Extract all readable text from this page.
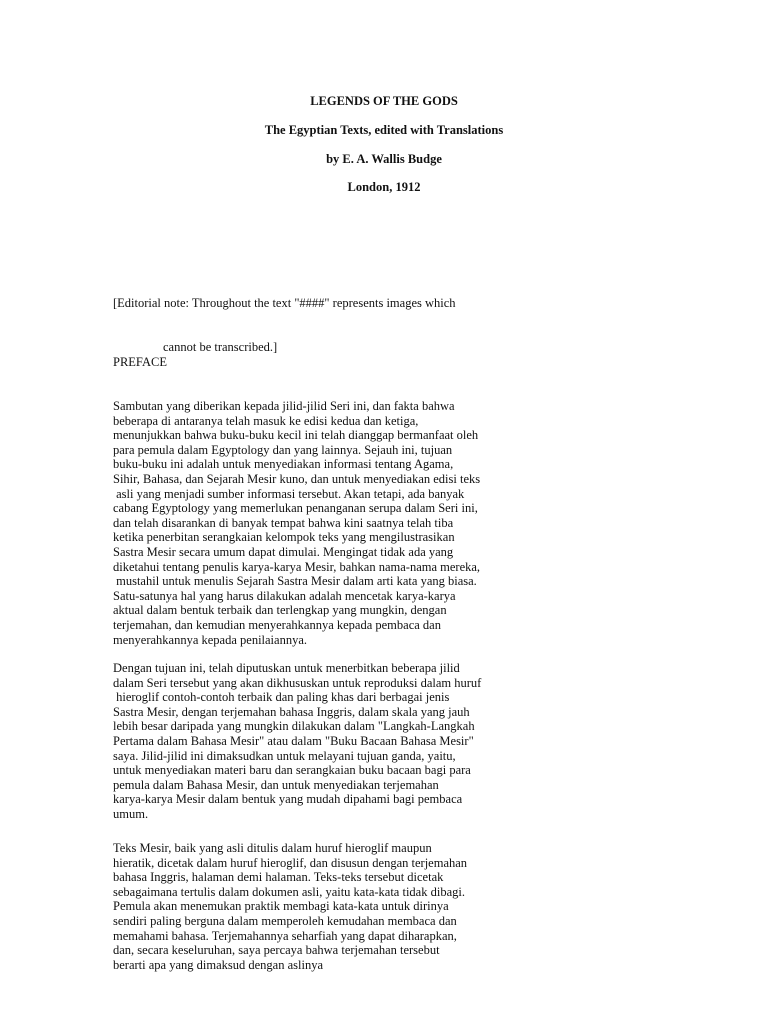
LEGENDS OF THE GODS
The Egyptian Texts, edited with Translations
by E. A. Wallis Budge
London, 1912

[Editorial note: Throughout the text "####" represents images which

cannot be transcribed.]

PREFACE
Sambutan yang diberikan kepada jilid-jilid Seri ini, dan fakta bahwa
beberapa di antaranya telah masuk ke edisi kedua dan ketiga,
menunjukkan bahwa buku-buku kecil ini telah dianggap bermanfaat oleh
para pemula dalam Egyptology dan yang lainnya. Sejauh ini, tujuan
buku-buku ini adalah untuk menyediakan informasi tentang Agama,
Sihir, Bahasa, dan Sejarah Mesir kuno, dan untuk menyediakan edisi teks
asli yang menjadi sumber informasi tersebut. Akan tetapi, ada banyak
cabang Egyptology yang memerlukan penanganan serupa dalam Seri ini,
dan telah disarankan di banyak tempat bahwa kini saatnya telah tiba
ketika penerbitan serangkaian kelompok teks yang mengilustrasikan
Sastra Mesir secara umum dapat dimulai. Mengingat tidak ada yang
diketahui tentang penulis karya-karya Mesir, bahkan nama-nama mereka,
mustahil untuk menulis Sejarah Sastra Mesir dalam arti kata yang biasa.
Satu-satunya hal yang harus dilakukan adalah mencetak karya-karya
aktual dalam bentuk terbaik dan terlengkap yang mungkin, dengan
terjemahan, dan kemudian menyerahkannya kepada pembaca dan
menyerahkannya kepada penilaiannya.
Dengan tujuan ini, telah diputuskan untuk menerbitkan beberapa jilid
dalam Seri tersebut yang akan dikhususkan untuk reproduksi dalam huruf
hieroglif contoh-contoh terbaik dan paling khas dari berbagai jenis
Sastra Mesir, dengan terjemahan bahasa Inggris, dalam skala yang jauh
lebih besar daripada yang mungkin dilakukan dalam "Langkah-Langkah
Pertama dalam Bahasa Mesir" atau dalam "Buku Bacaan Bahasa Mesir"
saya. Jilid-jilid ini dimaksudkan untuk melayani tujuan ganda, yaitu,
untuk menyediakan materi baru dan serangkaian buku bacaan bagi para
pemula dalam Bahasa Mesir, dan untuk menyediakan terjemahan
karya-karya Mesir dalam bentuk yang mudah dipahami bagi pembaca
umum.
Teks Mesir, baik yang asli ditulis dalam huruf hieroglif maupun
hieratik, dicetak dalam huruf hieroglif, dan disusun dengan terjemahan
bahasa Inggris, halaman demi halaman. Teks-teks tersebut dicetak
sebagaimana tertulis dalam dokumen asli, yaitu kata-kata tidak dibagi.
Pemula akan menemukan praktik membagi kata-kata untuk dirinya
sendiri paling berguna dalam memperoleh kemudahan membaca dan
memahami bahasa. Terjemahannya seharfiah yang dapat diharapkan,
dan, secara keseluruhan, saya percaya bahwa terjemahan tersebut
berarti apa yang dimaksud dengan aslinya
